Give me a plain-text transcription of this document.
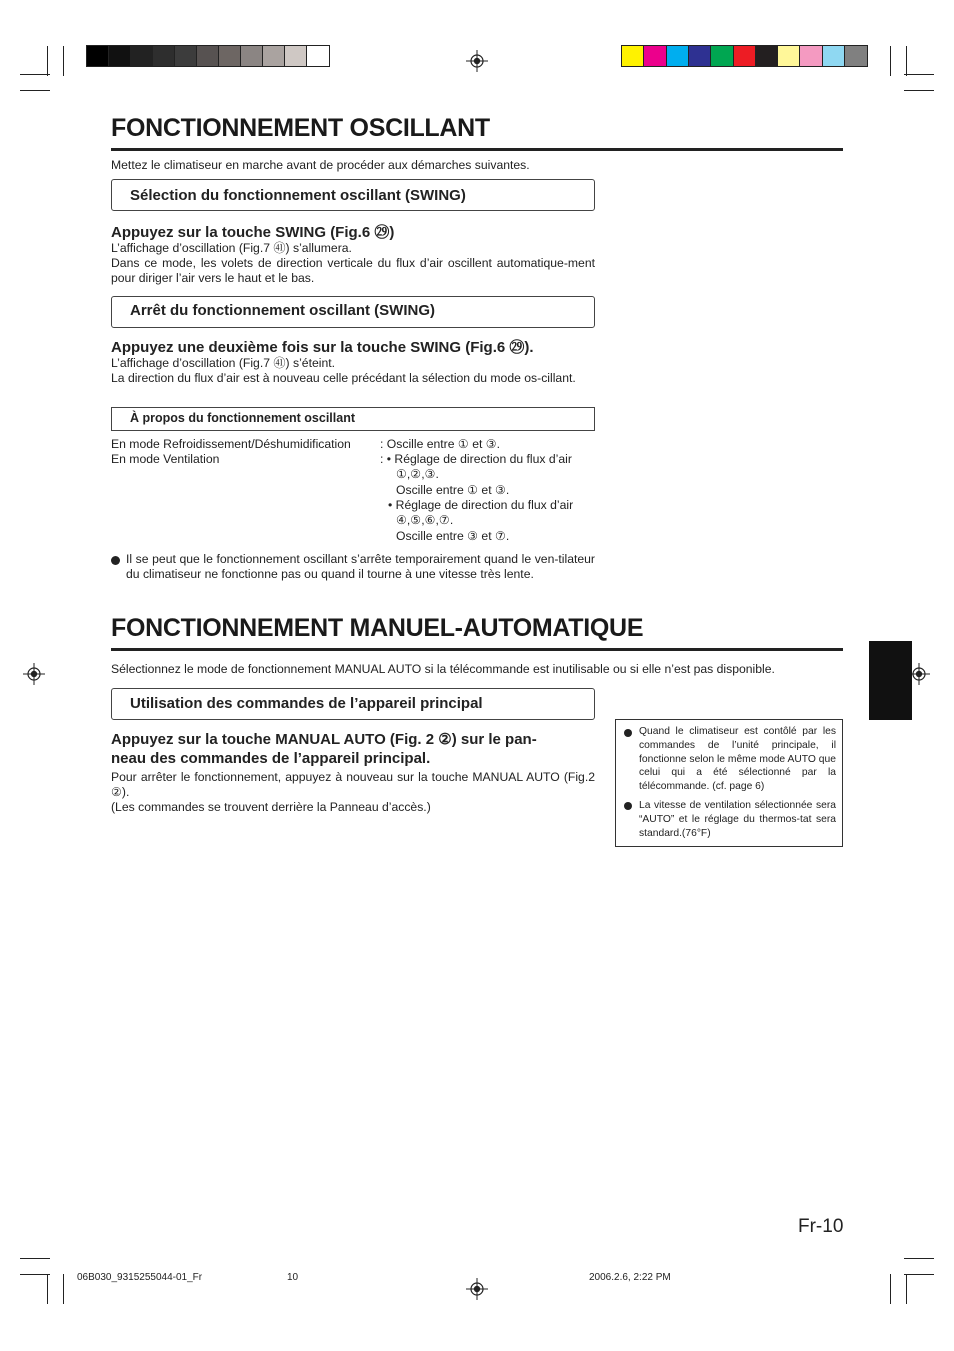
FONCTIONNEMENT OSCILLANT
Mettez le climatiseur en marche avant de procéder aux démarches suivantes.
Sélection du fonctionnement oscillant (SWING)
Appuyez sur la touche SWING (Fig.6 ㉙)
L’affichage d’oscillation (Fig.7 ㊶) s’allumera.
Dans ce mode, les volets de direction verticale du flux d’air oscillent automatique-ment pour diriger l’air vers le haut et le bas.
Arrêt du fonctionnement oscillant (SWING)
Appuyez une deuxième fois sur la touche SWING (Fig.6 ㉙).
L’affichage d’oscillation (Fig.7 ㊶) s’éteint.
La direction du flux d’air est à nouveau celle précédant la sélection du mode os-cillant.
À propos du fonctionnement oscillant
En mode Refroidissement/Déshumidification : Oscille entre ① et ③.
En mode Ventilation	: • Réglage de direction du flux d’air
①,②,③.
Oscille entre ① et ③.
• Réglage de direction du flux d’air
④,⑤,⑥,⑦.
Oscille entre ③ et ⑦.
Il se peut que le fonctionnement oscillant s’arrête temporairement quand le ven-tilateur du climatiseur ne fonctionne pas ou quand il tourne à une vitesse très lente.
FONCTIONNEMENT MANUEL-AUTOMATIQUE
Sélectionnez le mode de fonctionnement MANUAL AUTO si la télécommande est inutilisable ou si elle n’est pas disponible.
Utilisation des commandes de l’appareil principal
Appuyez sur la touche MANUAL AUTO (Fig. 2 ②) sur le pan-
neau des commandes de l’appareil principal.
Pour arrêter le fonctionnement, appuyez à nouveau sur la touche MANUAL AUTO (Fig.2 ②).
(Les commandes se trouvent derrière la Panneau d’accès.)
Quand le climatiseur est contôlé par les commandes de l’unité principale, il fonctionne selon le même mode AUTO que celui qui a été sélectionné par la télécommande. (cf. page 6)
La vitesse de ventilation sélectionnée sera “AUTO” et le réglage du thermos-tat sera standard.(76°F)
Fr-10
06B030_9315255044-01_Fr	10	2006.2.6, 2:22 PM
